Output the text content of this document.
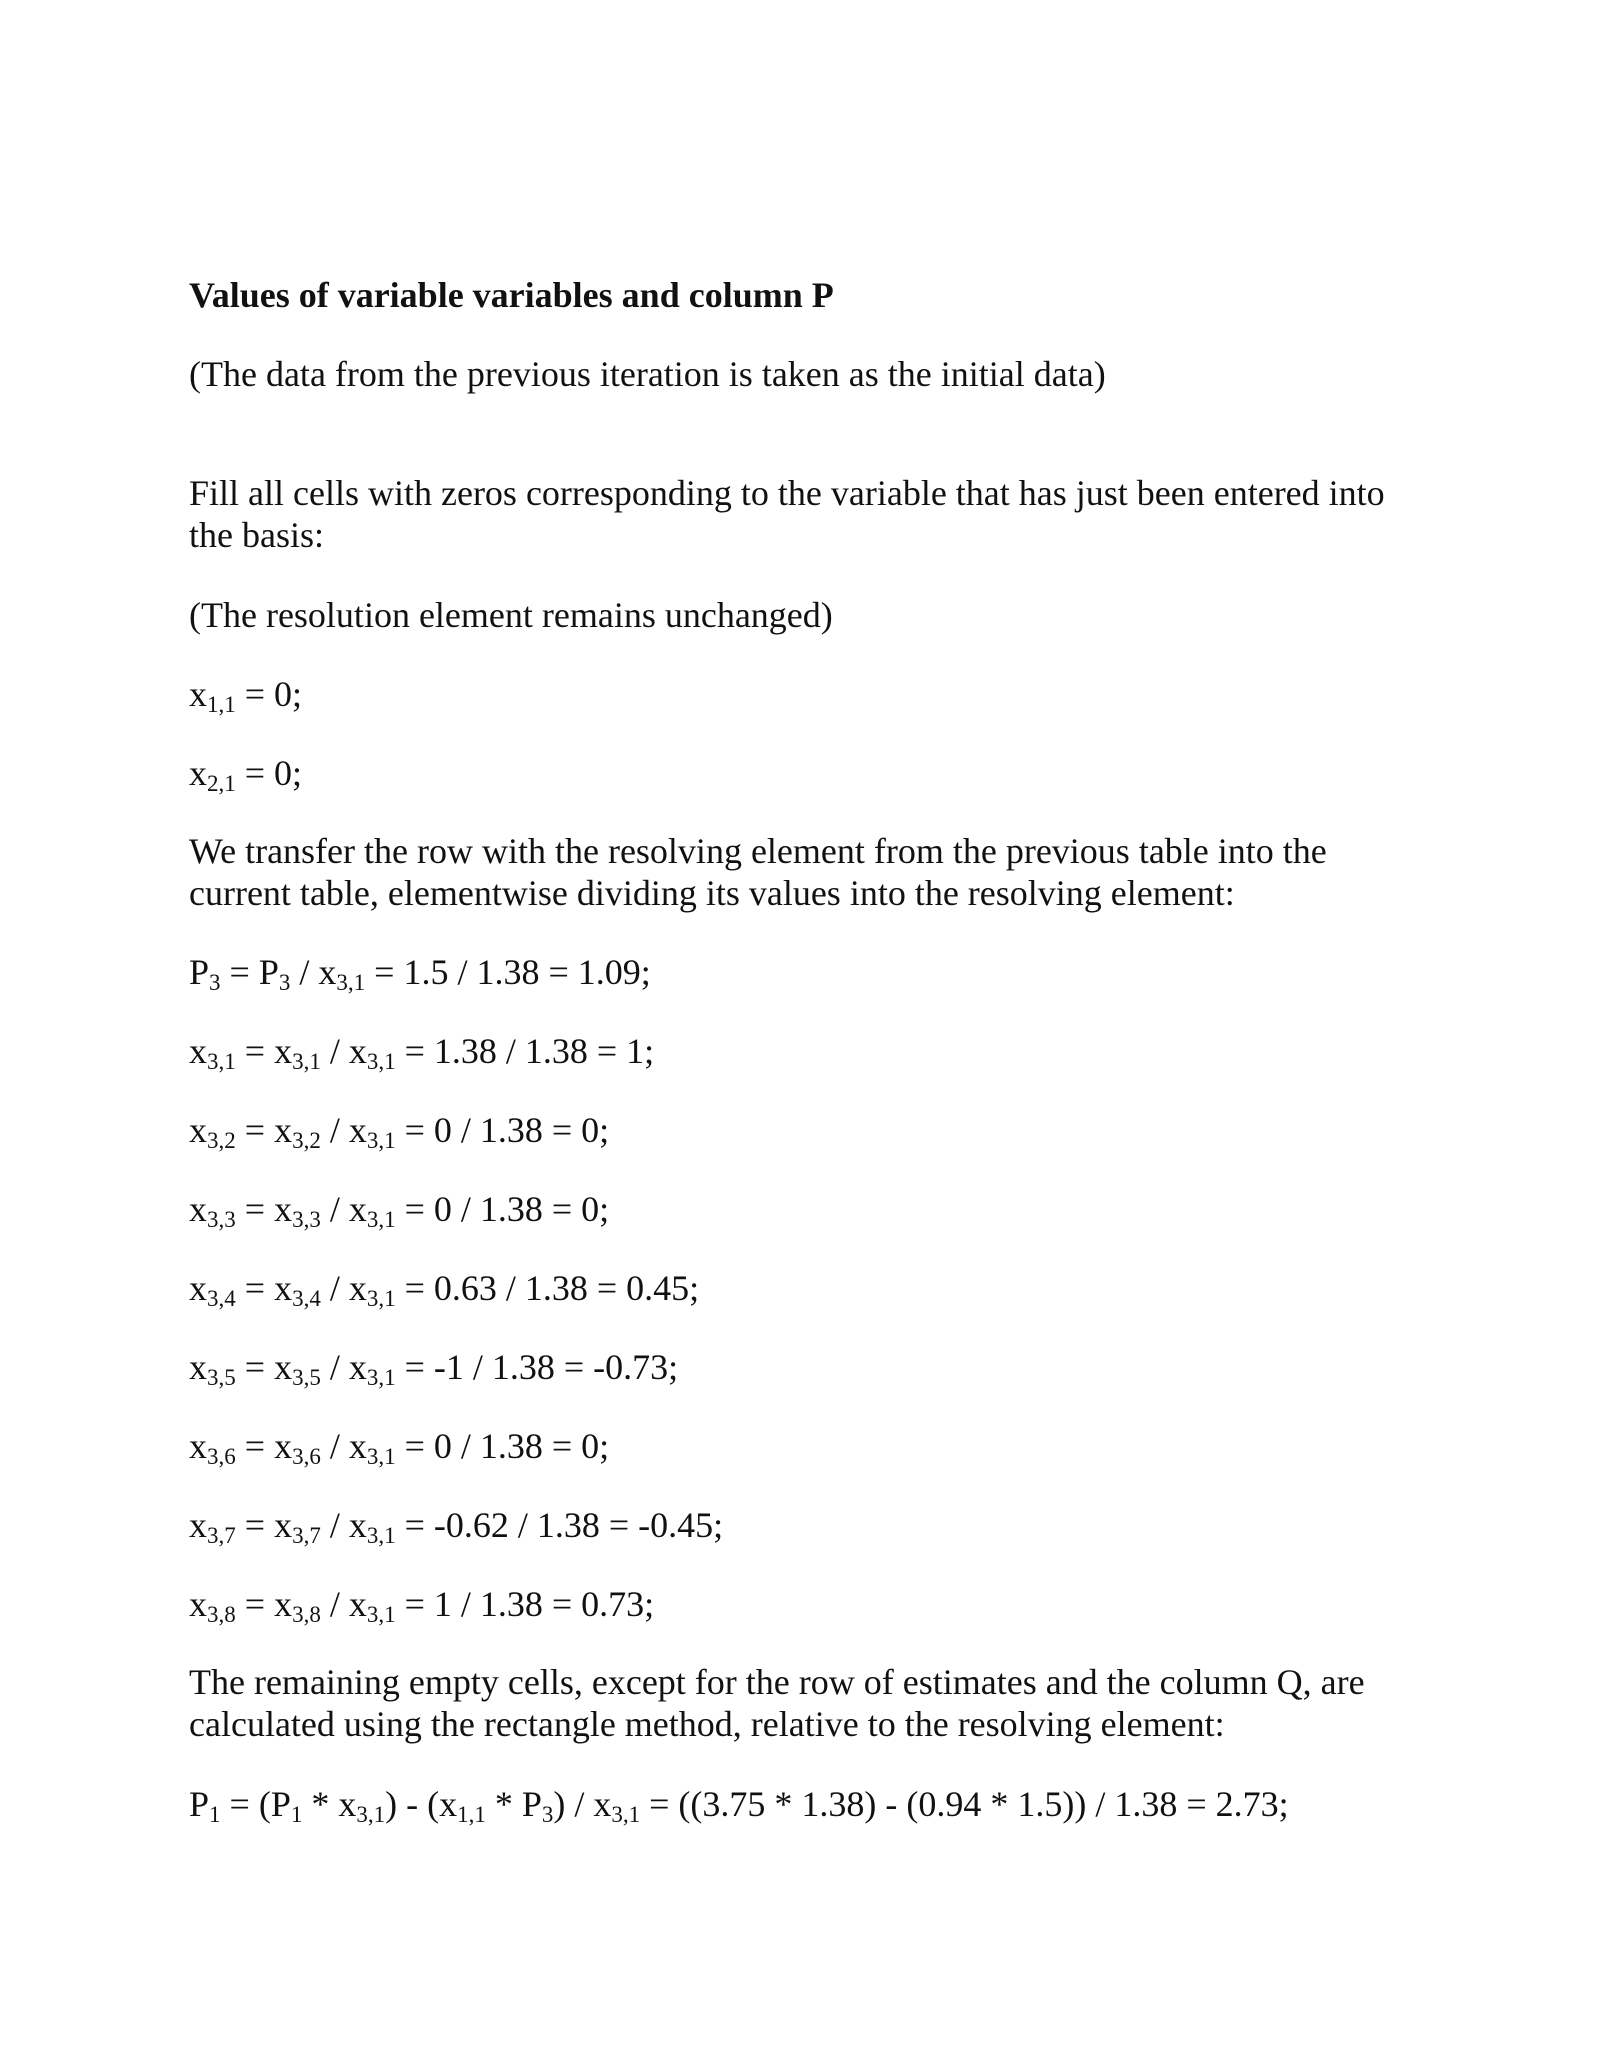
Values of variable variables and column P
(The data from the previous iteration is taken as the initial data)
Fill all cells with zeros corresponding to the variable that has just been entered into the basis:
(The resolution element remains unchanged)
$x_{1,1} = 0$;
$x_{2,1} = 0$;
We transfer the row with the resolving element from the previous table into the current table, elementwise dividing its values into the resolving element:
$P_3 = P_3 / x_{3,1} = 1.5 / 1.38 = 1.09$;
$x_{3,1} = x_{3,1} / x_{3,1} = 1.38 / 1.38 = 1$;
$x_{3,2} = x_{3,2} / x_{3,1} = 0 / 1.38 = 0$;
$x_{3,3} = x_{3,3} / x_{3,1} = 0 / 1.38 = 0$;
$x_{3,4} = x_{3,4} / x_{3,1} = 0.63 / 1.38 = 0.45$;
$x_{3,5} = x_{3,5} / x_{3,1} = -1 / 1.38 = -0.73$;
$x_{3,6} = x_{3,6} / x_{3,1} = 0 / 1.38 = 0$;
$x_{3,7} = x_{3,7} / x_{3,1} = -0.62 / 1.38 = -0.45$;
$x_{3,8} = x_{3,8} / x_{3,1} = 1 / 1.38 = 0.73$;
The remaining empty cells, except for the row of estimates and the column Q, are calculated using the rectangle method, relative to the resolving element:
$P_1 = (P_1 * x_{3,1}) - (x_{1,1} * P_3) / x_{3,1} = ((3.75 * 1.38) - (0.94 * 1.5)) / 1.38 = 2.73$;
